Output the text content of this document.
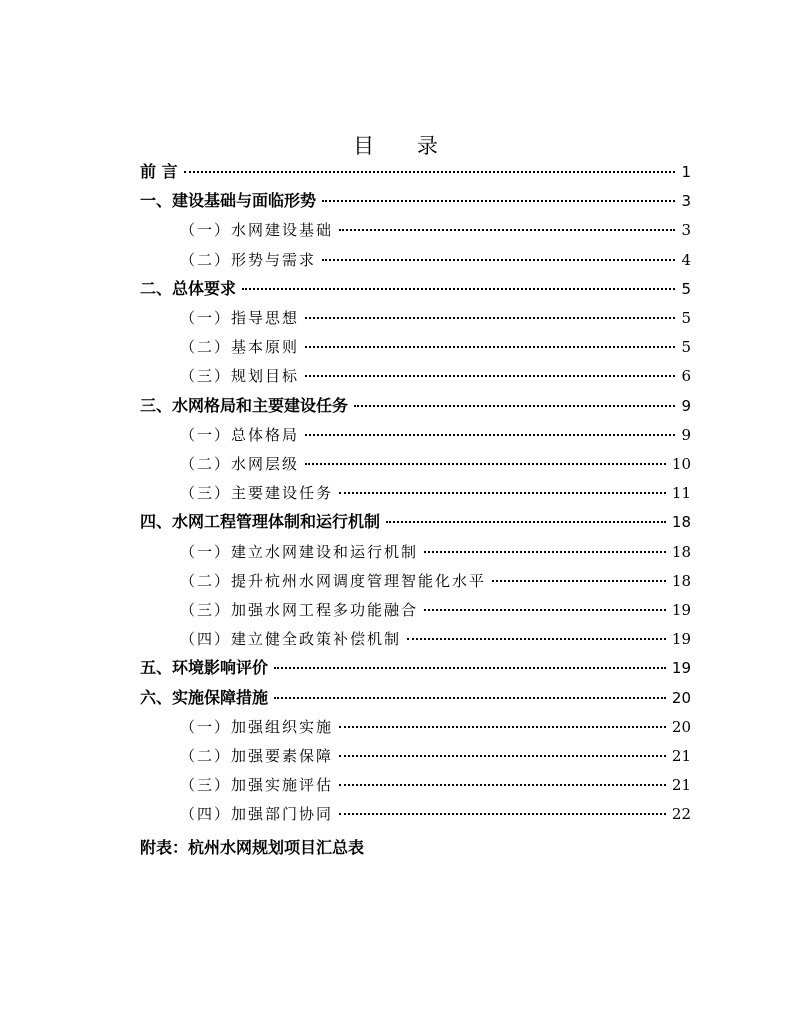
目 录
前 言	1
一、建设基础与面临形势	3
（一）水网建设基础	3
（二）形势与需求	4
二、总体要求	5
（一）指导思想	5
（二）基本原则	5
（三）规划目标	6
三、水网格局和主要建设任务	9
（一）总体格局	9
（二）水网层级	10
（三）主要建设任务	11
四、水网工程管理体制和运行机制	18
（一）建立水网建设和运行机制	18
（二）提升杭州水网调度管理智能化水平	18
（三）加强水网工程多功能融合	19
（四）建立健全政策补偿机制	19
五、环境影响评价	19
六、实施保障措施	20
（一）加强组织实施	20
（二）加强要素保障	21
（三）加强实施评估	21
（四）加强部门协同	22
附表：杭州水网规划项目汇总表
